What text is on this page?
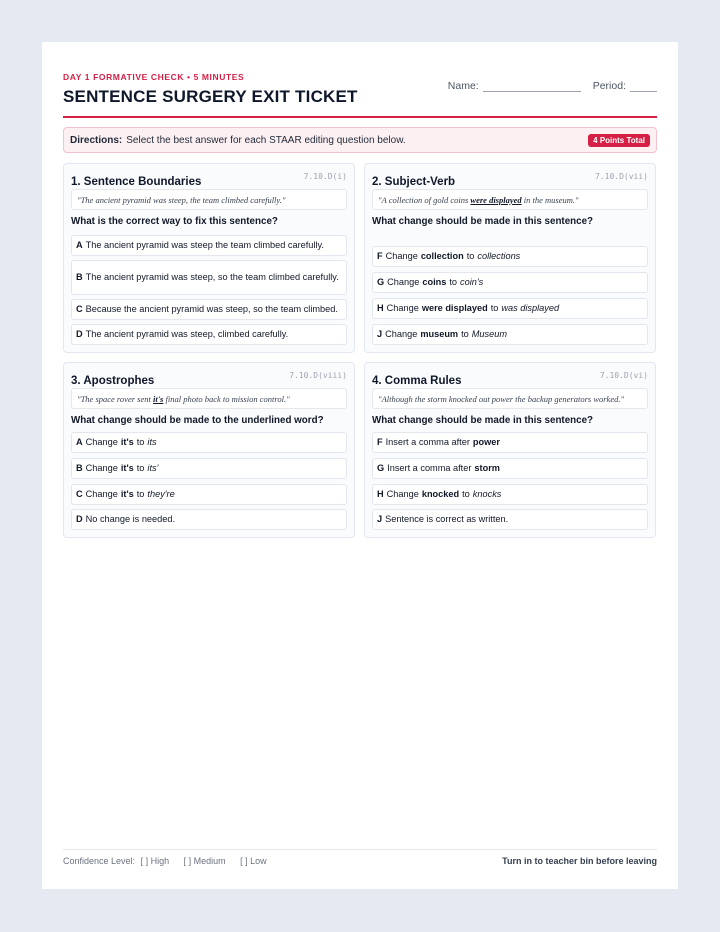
DAY 1 FORMATIVE CHECK • 5 MINUTES
SENTENCE SURGERY EXIT TICKET
Name:	Period:
Directions: Select the best answer for each STAAR editing question below.	4 Points Total
1. Sentence Boundaries	7.10.D(i)
"The ancient pyramid was steep, the team climbed carefully."
What is the correct way to fix this sentence?
A The ancient pyramid was steep the team climbed carefully.
B The ancient pyramid was steep, so the team climbed carefully.
C Because the ancient pyramid was steep, so the team climbed.
D The ancient pyramid was steep, climbed carefully.
2. Subject-Verb	7.10.D(vii)
"A collection of gold coins
were displayed
in the museum."
What change should be made in this sentence?
F Change collection to collections
G Change coins to coin's
H Change were displayed to was displayed
J Change museum to Museum
3. Apostrophes	7.10.D(viii)
"The space rover sent
it's
final photo back to mission control."
What change should be made to the underlined word?
A Change it's to its
B Change it's to its'
C Change it's to they're
D No change is needed.
4. Comma Rules	7.10.D(vi)
"Although the storm knocked out power the backup generators worked."
What change should be made in this sentence?
F Insert a comma after power
G Insert a comma after storm
H Change knocked to knocks
J Sentence is correct as written.
Confidence Level: [ ] High [ ] Medium [ ] Low	Turn in to teacher bin before leaving
